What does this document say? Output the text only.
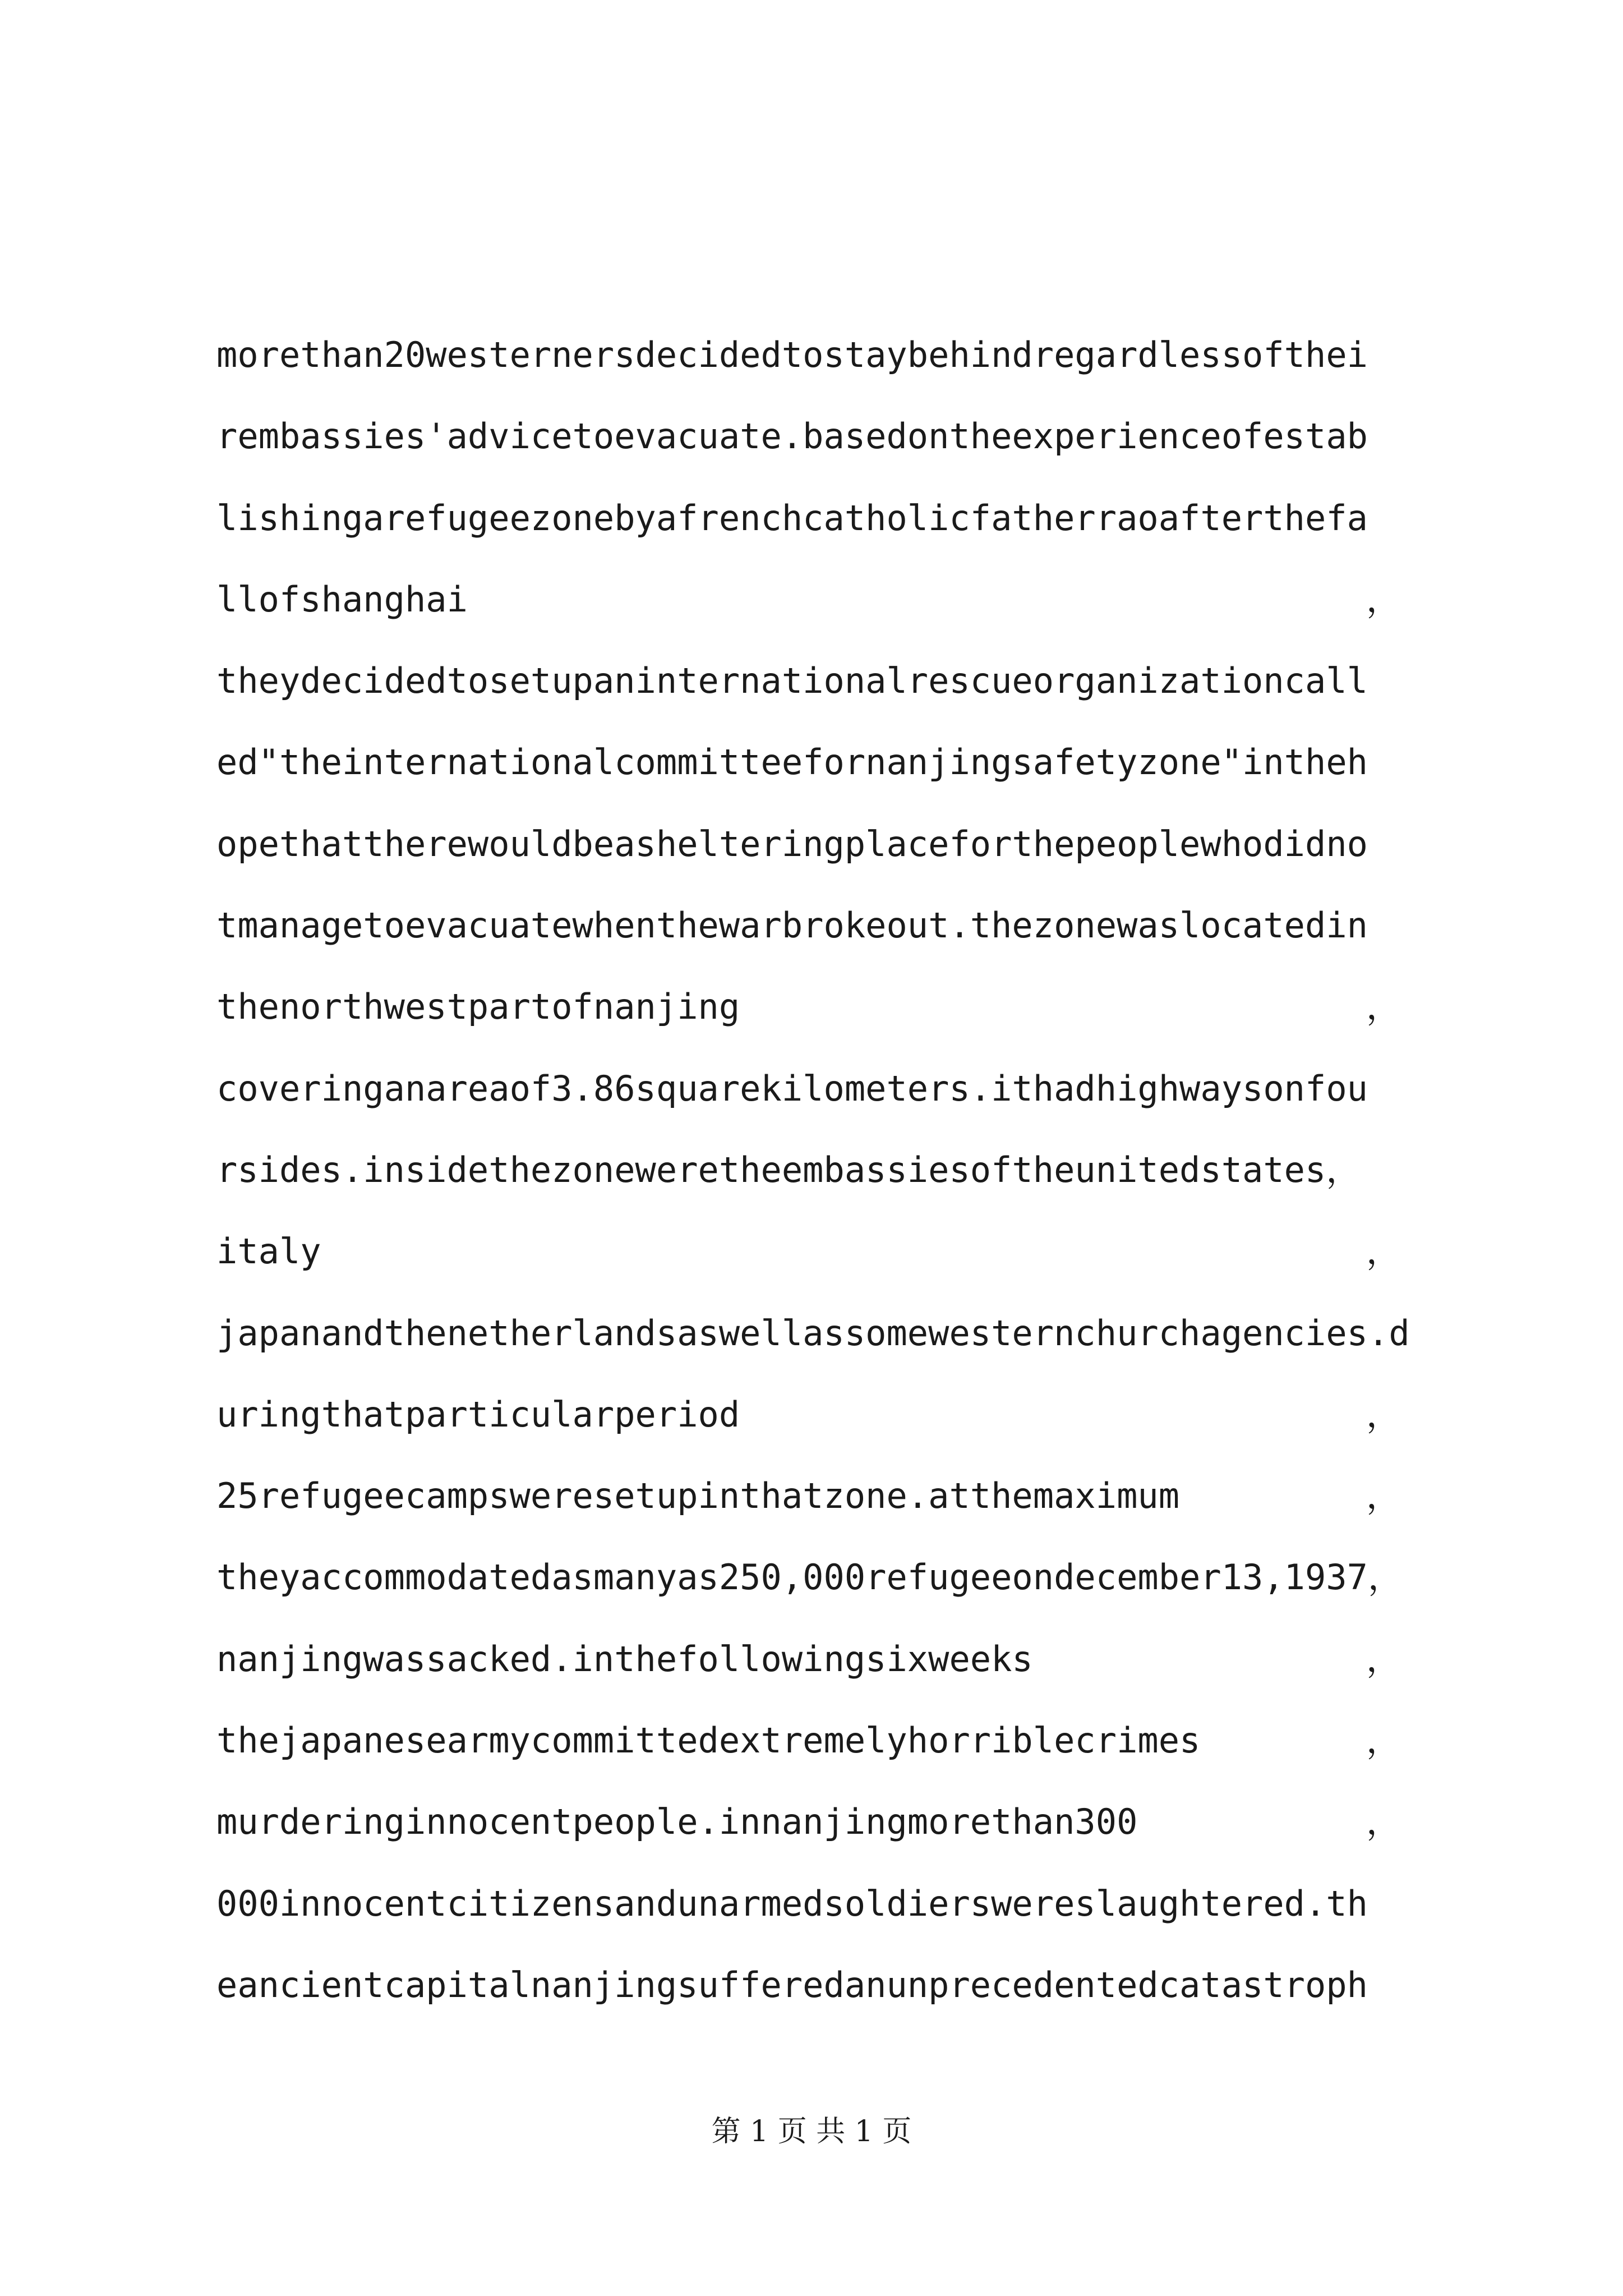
morethan20westernersdecidedtostaybehindregardlessofthei
rembassies'advicetoevacuate.basedontheexperienceofestab
lishingarefugeezonebyafrenchcatholicfatherraoafterthefa
llofshanghai	，
theydecidedtosetupaninternationalrescueorganizationcall
ed"theinternationalcommitteefornanjingsafetyzone"intheh
opethattherewouldbeashelteringplaceforthepeoplewhodidno
tmanagetoevacuatewhenthewarbrokeout.thezonewaslocatedin
thenorthwestpartofnanjing	，
coveringanareaof3.86squarekilometers.ithadhighwaysonfou
rsides.insidethezoneweretheembassiesoftheunitedstates，
italy	，
japanandthenetherlandsaswellassomewesternchurchagencies.d
uringthatparticularperiod	，
25refugeecampsweresetupinthatzone.atthemaximum	，
theyaccommodatedasmanyas250,000refugeeondecember13,1937，
nanjingwassacked.inthefollowingsixweeks	，
thejapanesearmycommittedextremelyhorriblecrimes	，
murderinginnocentpeople.innanjingmorethan300	，
000innocentcitizensandunarmedsoldierswereslaughtered.th
eancientcapitalnanjingsufferedanunprecedentedcatastroph
第 1 页 共 1 页
